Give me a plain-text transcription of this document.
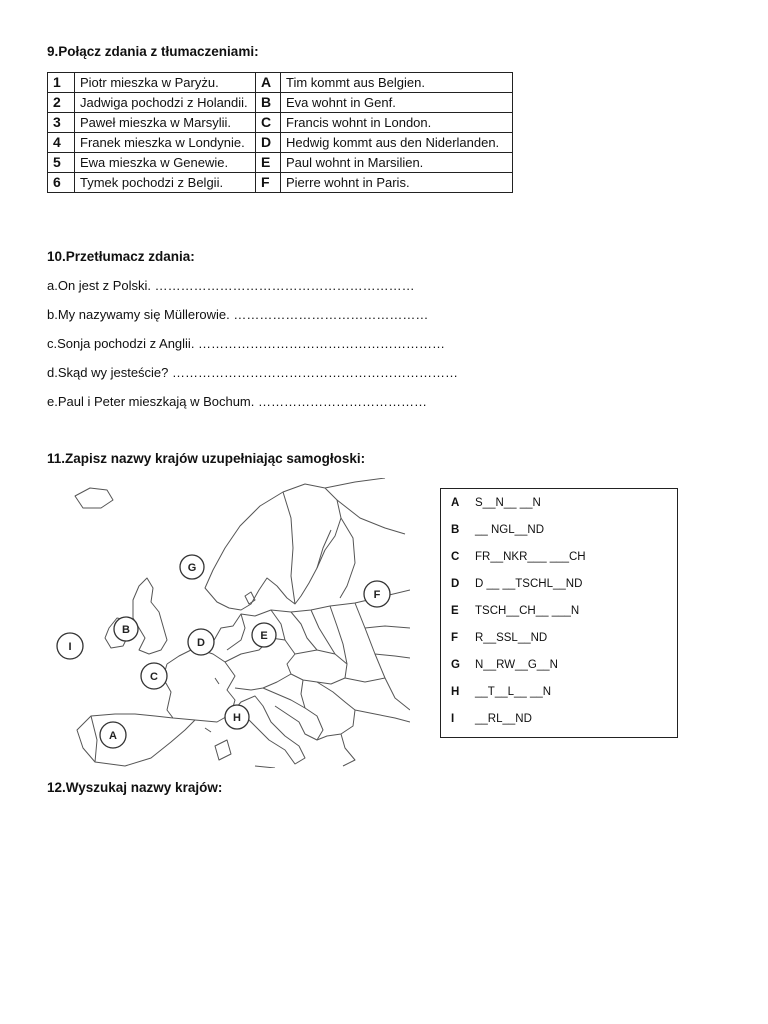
9.Połącz zdania z tłumaczeniami:
1	Piotr mieszka w Paryżu.	A	Tim kommt aus Belgien.
2	Jadwiga pochodzi z Holandii.	B	Eva wohnt in Genf.
3	Paweł mieszka w Marsylii.	C	Francis wohnt in London.
4	Franek mieszka w Londynie.	D	Hedwig kommt aus den Niderlanden.
5	Ewa mieszka w Genewie.	E	Paul wohnt in Marsilien.
6	Tymek pochodzi z Belgii.	F	Pierre wohnt in Paris.
10.Przetłumacz zdania:
a.On jest z Polski. ……………………………………………………
b.My nazywamy się Müllerowie. ………………………………………
c.Sonja pochodzi z Anglii. …………………………………………………
d.Skąd wy jesteście? …………………………………………………………
e.Paul i Peter mieszkają w Bochum. …………………………………
11.Zapisz nazwy krajów uzupełniając samogłoski:
G
F
B
D
E
I
C
H
A
A S__N__ __N
B __ NGL__ND
C FR__NKR___ ___CH
D D __ __TSCHL__ND
E TSCH__CH__ ___N
F R__SSL__ND
G N__RW__G__N
H __T__L__ __N
I __RL__ND
12.Wyszukaj nazwy krajów:
